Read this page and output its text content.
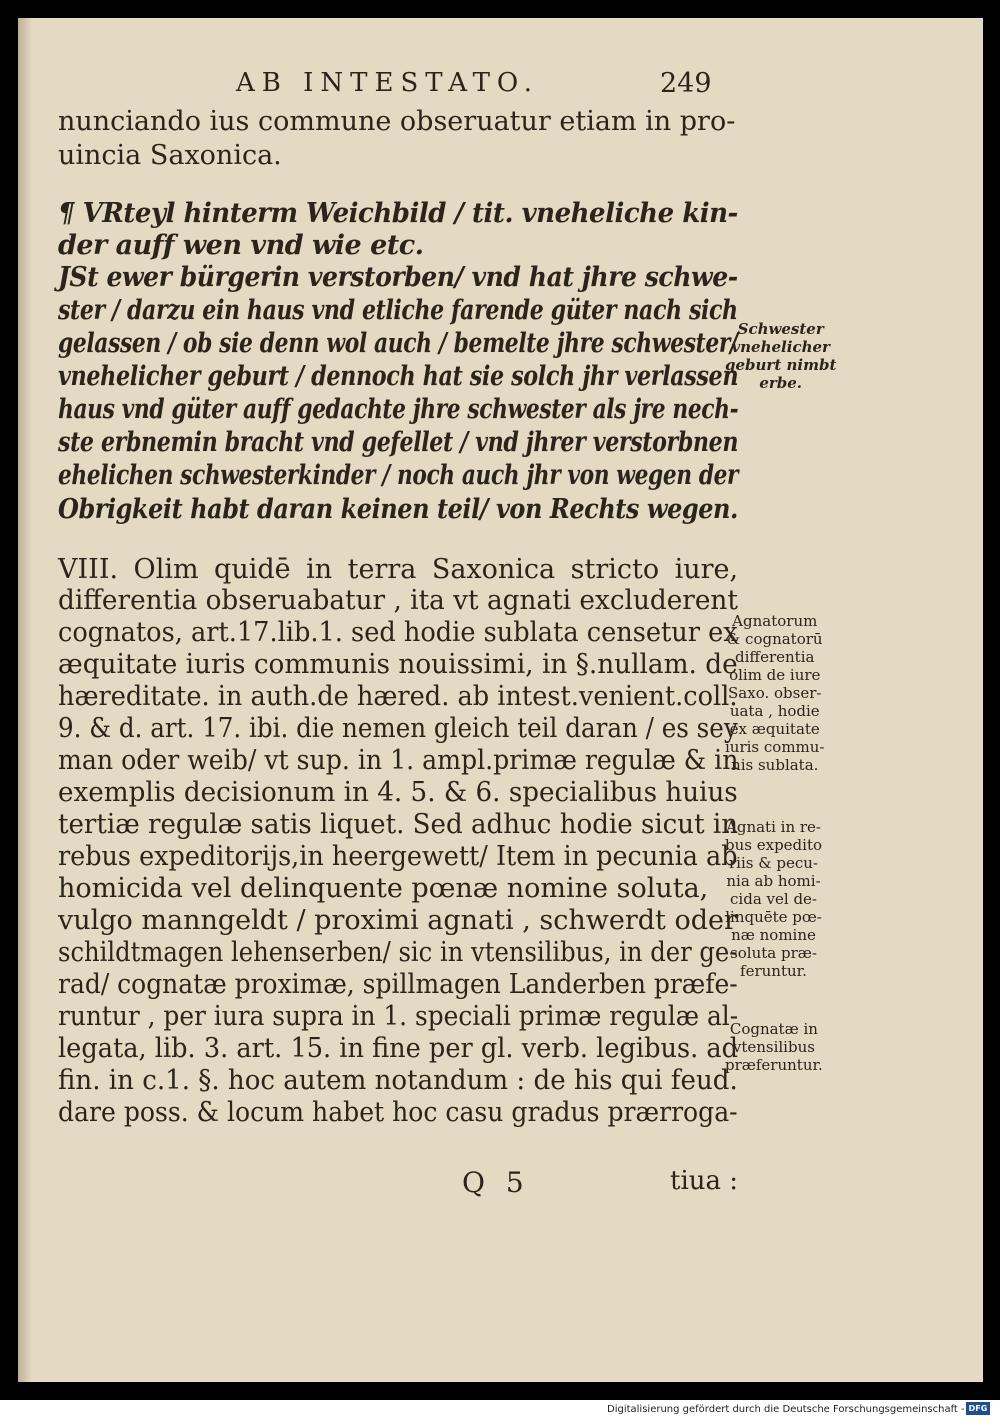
AB INTESTATO.	249
nunciando ius commune obseruatur etiam in pro-
uincia Saxonica.
¶ VRteyl hinterm Weichbild / tit. vneheliche kin-
der auff wen vnd wie etc.
JSt ewer bürgerin verstorben/ vnd hat jhre schwe-
ster / darzu ein haus vnd etliche farende güter nach sich
gelassen / ob sie denn wol auch / bemelte jhre schwester/
vnehelicher geburt / dennoch hat sie solch jhr verlassen
haus vnd güter auff gedachte jhre schwester als jre nech-
ste erbnemin bracht vnd gefellet / vnd jhrer verstorbnen
ehelichen schwesterkinder / noch auch jhr von wegen der
Obrigkeit habt daran keinen teil/ von Rechts wegen.
VIII. Olim quidē in terra Saxonica stricto iure,
differentia obseruabatur , ita vt agnati excluderent
cognatos, art.17.lib.1. sed hodie sublata censetur ex
æquitate iuris communis nouissimi, in §.nullam. de
hæreditate. in auth.de hæred. ab intest.venient.coll.
9. & d. art. 17. ibi. die nemen gleich teil daran / es sey
man oder weib/ vt sup. in 1. ampl.primæ regulæ & in
exemplis decisionum in 4. 5. & 6. specialibus huius
tertiæ regulæ satis liquet. Sed adhuc hodie sicut in
rebus expeditorijs,in heergewett/ Item in pecunia ab
homicida vel delinquente pœnæ nomine soluta,
vulgo manngeldt / proximi agnati , schwerdt oder
schildtmagen lehenserben/ sic in vtensilibus, in der ge-
rad/ cognatæ proximæ, spillmagen Landerben præfe-
runtur , per iura supra in 1. speciali primæ regulæ al-
legata, lib. 3. art. 15. in fine per gl. verb. legibus. ad
fin. in c.1. §. hoc autem notandum : de his qui feud.
dare poss. & locum habet hoc casu gradus prærroga-
Schwester
vnehelicher
geburt nimbt
erbe.
Agnatorum
& cognatorū
differentia
olim de iure
Saxo. obser-
uata , hodie
ex æquitate
iuris commu-
nis sublata.
Agnati in re-
bus expedito
riis & pecu-
nia ab homi-
cida vel de-
linquēte pœ-
næ nomine
soluta præ-
feruntur.
Cognatæ in
vtensilibus
præferuntur.
Q 5	tiua :
Digitalisierung gefördert durch die Deutsche Forschungsgemeinschaft - DFG
